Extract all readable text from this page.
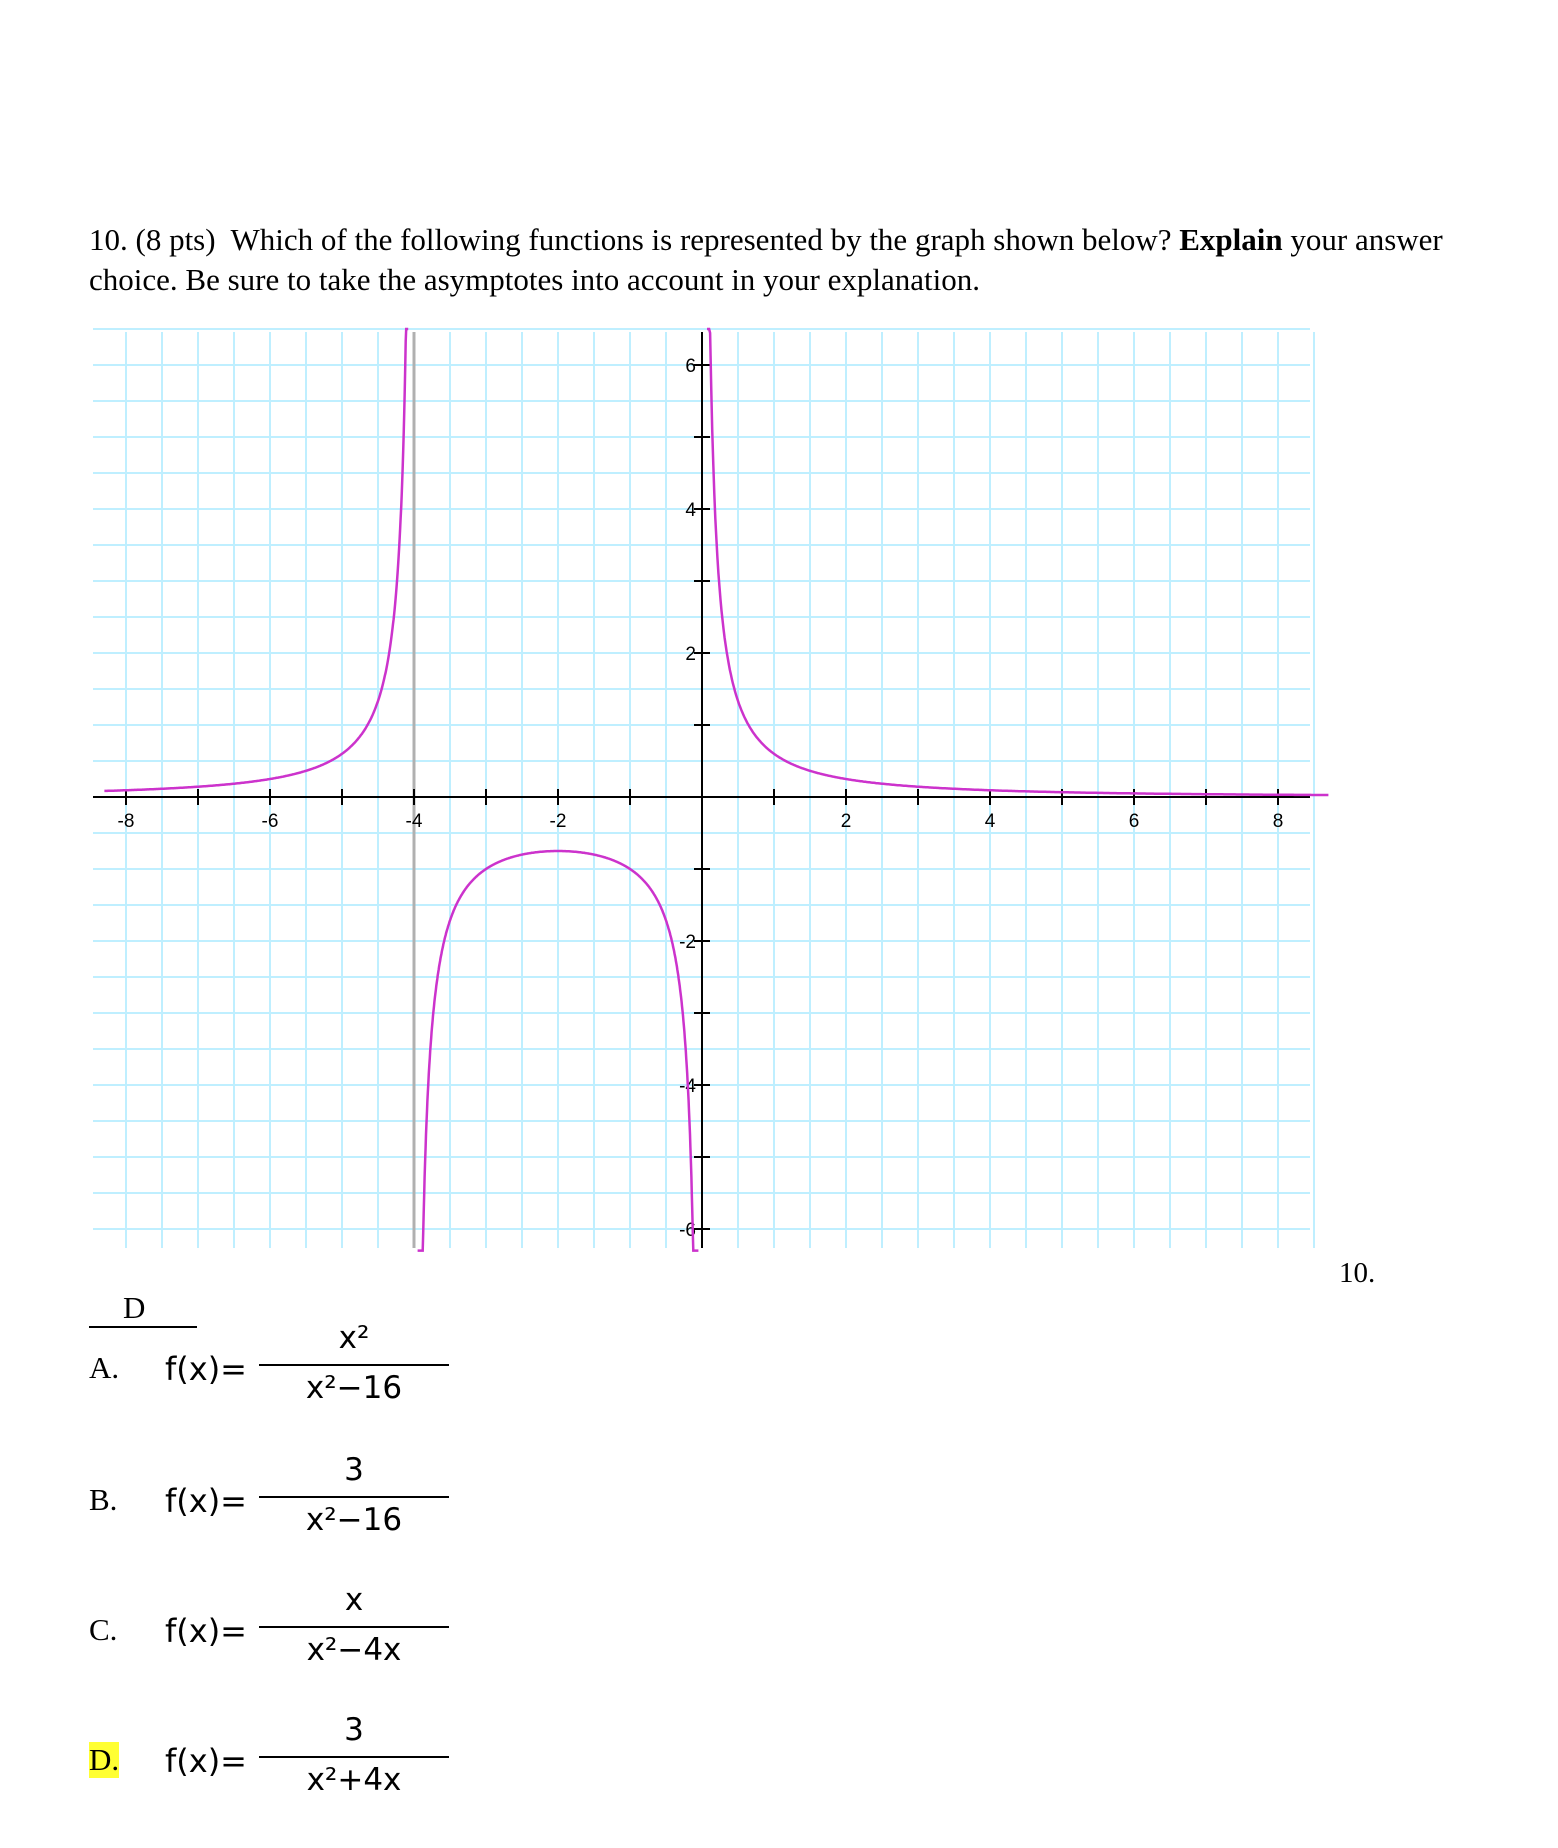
10. (8 pts) Which of the following functions is represented by the graph shown below? Explain your answer choice. Be sure to take the asymptotes into account in your explanation.
-8	-6	-4	-2	2	4	6	8
6
4
2
-2
-4
-6
10.
D
A. f(x)=
x²
x²−16
B. f(x)=
3
x²−16
C. f(x)=
x
x²−4x
D. f(x)=
3
x²+4x
